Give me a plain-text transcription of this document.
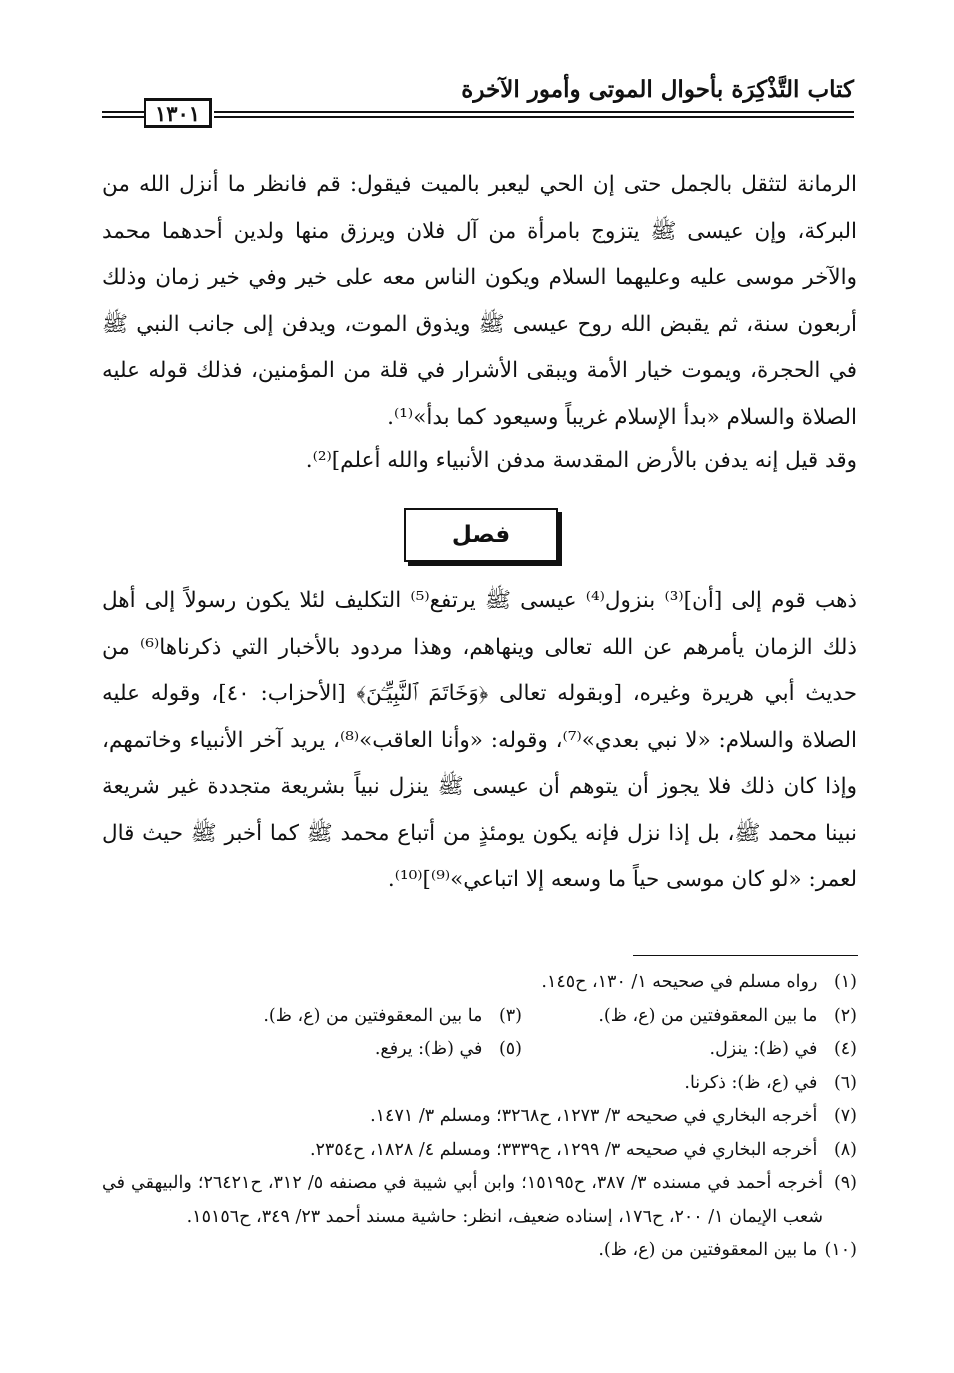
١٣٠١
كتاب التَّذْكِرَة بأحوال الموتى وأمور الآخرة

الرمانة لتثقل بالجمل حتى إن الحي ليعبر بالميت فيقول: قم فانظر ما أنزل الله من البركة، وإن عيسى ﷺ يتزوج بامرأة من آل فلان ويرزق منها ولدين أحدهما محمد والآخر موسى عليه وعليهما السلام ويكون الناس معه على خير وفي خير زمان وذلك أربعون سنة، ثم يقبض الله روح عيسى ﷺ ويذوق الموت، ويدفن إلى جانب النبي ﷺ في الحجرة، ويموت خيار الأمة ويبقى الأشرار في قلة من المؤمنين، فذلك قوله عليه الصلاة والسلام «بدأ الإسلام غريباً وسيعود كما بدأ»⁽¹⁾.

وقد قيل إنه يدفن بالأرض المقدسة مدفن الأنبياء والله أعلم]⁽²⁾.

فصل

ذهب قوم إلى [أن]⁽³⁾ بنزول⁽⁴⁾ عيسى ﷺ يرتفع⁽⁵⁾ التكليف لئلا يكون رسولاً إلى أهل ذلك الزمان يأمرهم عن الله تعالى وينهاهم، وهذا مردود بالأخبار التي ذكرناها⁽⁶⁾ من حديث أبي هريرة وغيره، [وبقوله تعالى ﴿وَخَاتَمَ ٱلنَّبِيِّـۧنَ﴾ [الأحزاب: ٤٠]، وقوله عليه الصلاة والسلام: «لا نبي بعدي»⁽⁷⁾، وقوله: «وأنا العاقب»⁽⁸⁾، يريد آخر الأنبياء وخاتمهم، وإذا كان ذلك فلا يجوز أن يتوهم أن عيسى ﷺ ينزل نبياً بشريعة متجددة غير شريعة نبينا محمد ﷺ، بل إذا نزل فإنه يكون يومئذٍ من أتباع محمد ﷺ كما أخبر ﷺ حيث قال لعمر: «لو كان موسى حياً ما وسعه إلا اتباعي»⁽⁹⁾]⁽¹⁰⁾.

(١) رواه مسلم في صحيحه ١/ ١٣٠، ح١٤٥.
(٢) ما بين المعقوفتين من (ع، ظ).
(٣) ما بين المعقوفتين من (ع، ظ).
(٤) في (ظ): ينزل.
(٥) في (ظ): يرفع.
(٦) في (ع، ظ): ذكرنا.
(٧) أخرجه البخاري في صحيحه ٣/ ١٢٧٣، ح٣٢٦٨؛ ومسلم ٣/ ١٤٧١.
(٨) أخرجه البخاري في صحيحه ٣/ ١٢٩٩، ح٣٣٣٩؛ ومسلم ٤/ ١٨٢٨، ح٢٣٥٤.
(٩)
أخرجه أحمد في مسنده ٣/ ٣٨٧، ح١٥١٩٥؛ وابن أبي شيبة في مصنفه ٥/ ٣١٢، ح٢٦٤٢١؛ والبيهقي في شعب الإيمان ١/ ٢٠٠، ح١٧٦، إسناده ضعيف، انظر: حاشية مسند أحمد ٢٣/ ٣٤٩، ح١٥١٥٦.
(١٠) ما بين المعقوفتين من (ع، ظ).
